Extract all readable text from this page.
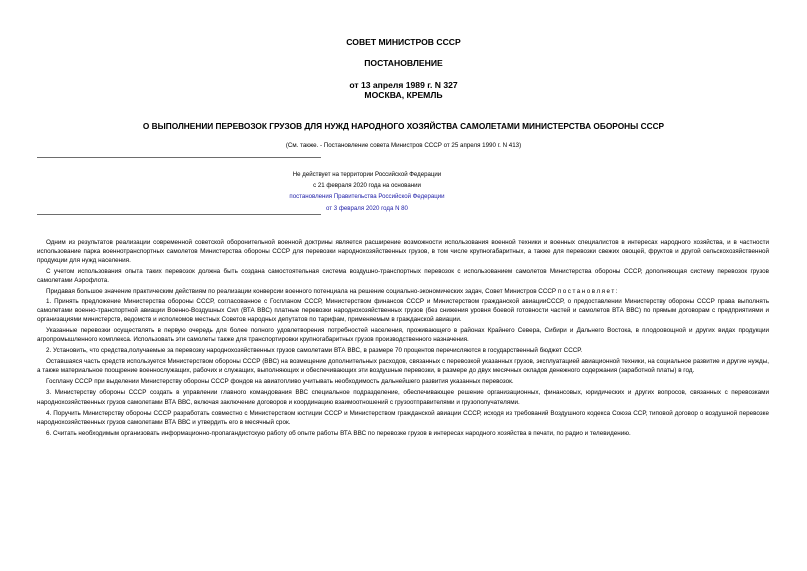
СОВЕТ МИНИСТРОВ СССР
ПОСТАНОВЛЕНИЕ
от 13 апреля 1989 г. N 327
МОСКВА, КРЕМЛЬ
О ВЫПОЛНЕНИИ ПЕРЕВОЗОК ГРУЗОВ ДЛЯ НУЖД НАРОДНОГО ХОЗЯЙСТВА САМОЛЕТАМИ МИНИСТЕРСТВА ОБОРОНЫ СССР
(См. также. - Постановление совета Министров СССР от 25 апреля 1990 г. N 413)
Не действует на территории Российской Федерации
с 21 февраля 2020 года на основании
постановления Правительства Российской Федерации
от 3 февраля 2020 года N 80

Одним из результатов реализации современной советской оборонительной военной доктрины является расширение возможности использования военной техники и военных специалистов в интересах народного хозяйства, и в частности использование парка военнотранспортных самолетов Министерства обороны СССР для перевозки народнохозяйственных грузов, в том числе крупногабаритных, а также для перевозки свежих овощей, фруктов и другой сельскохозяйственной продукции для нужд населения.

С учетом использования опыта таких перевозок должна быть создана самостоятельная система воздушно-транспортных перевозок с использованием самолетов Министерства обороны СССР, дополняющая систему перевозок грузов самолетами Аэрофлота.

Придавая большое значение практическим действиям по реализации конверсии военного потенциала на решение социально-экономических задач, Совет Министров СССР постановляет:

1. Принять предложение Министерства обороны СССР, согласованное с Госпланом СССР, Министерством финансов СССР и Министерством гражданской авиацииСССР, о предоставлении Министерству обороны СССР права выполнять самолетами военно-транспортной авиации Военно-Воздушных Сил (ВТА ВВС) платные перевозки народнохозяйственных грузов (без снижения уровня боевой готовности частей и самолетов ВТА ВВС) по прямым договорам с предприятиями и организациями министерств, ведомств и исполкомов местных Советов народных депутатов по тарифам, применяемым в гражданской авиации.

Указанные перевозки осуществлять в первую очередь для более полного удовлетворения потребностей населения, проживающего в районах Крайнего Севера, Сибири и Дальнего Востока, в плодоовощной и других видах продукции агропромышленного комплекса. Использовать эти самолеты также для транспортировки крупногабаритных грузов производственного назначения.

2. Установить, что средства,получаемые за перевозку народнохозяйственных грузов самолетами ВТА ВВС, в размере 70 процентов перечисляются в государственный бюджет СССР.

Оставшаяся часть средств используется Министерством обороны СССР (ВВС) на возмещение дополнительных расходов, связанных с перевозкой указанных грузов, эксплуатацией авиационной техники, на социальное развитие и другие нужды, а также материальное поощрение военнослужащих, рабочих и служащих, выполняющих и обеспечивающих эти воздушные перевозки, в размере до двух месячных окладов денежного содержания (заработной платы) в год.

Госплану СССР при выделении Министерству обороны СССР фондов на авиатопливо учитывать необходимость дальнейшего развития указанных перевозок.

3. Министерству обороны СССР создать в управлении главного командования ВВС специальное подразделение, обеспечивающее решение организационных, финансовых, юридических и других вопросов, связанных с перевозками народнохозяйственных грузов самолетами ВТА ВВС, включая заключение договоров и координацию взаимоотношений с грузоотправителями и грузополучателями.

4. Поручить Министерству обороны СССР разработать совместно с Министерством юстиции СССР и Министерством гражданской авиации СССР, исходя из требований Воздушного кодекса Союза ССР, типовой договор о воздушной перевозке народнохозяйственных грузов самолетами ВТА ВВС и утвердить его в месячный срок.

6. Считать необходимым организовать информационно-пропагандистскую работу об опыте работы ВТА ВВС по перевозке грузов в интересах народного хозяйства в печати, по радио и телевидению.
